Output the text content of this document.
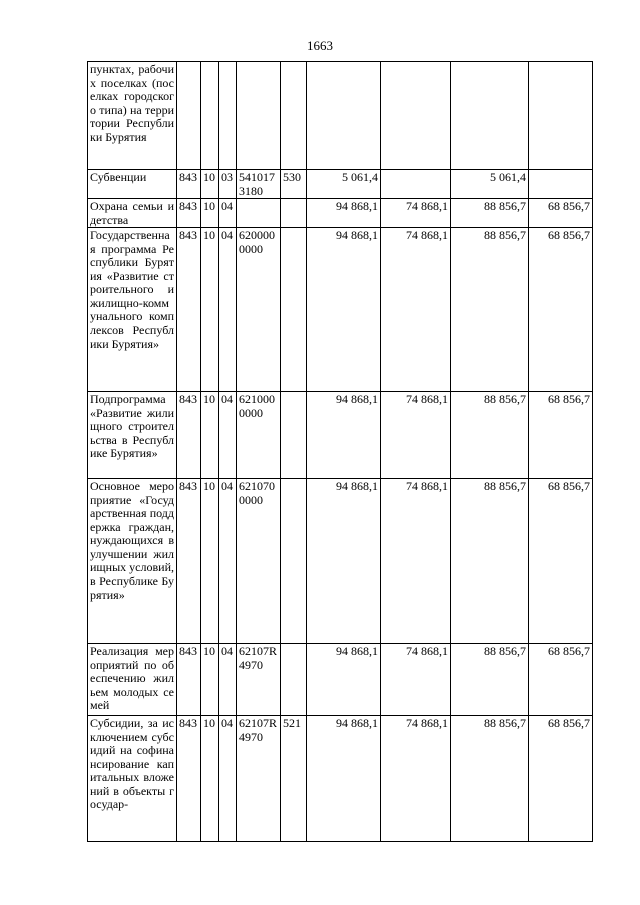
1663
пунктах, рабочих поселках (поселках городского типа) на территории Республики Бурятия									
Субвенции	843	10	03	5410173180	530	5 061,4		5 061,4	
Охрана семьи и детства	843	10	04			94 868,1	74 868,1	88 856,7	68 856,7
Государственная программа Республики Бурятия «Развитие строительного и жилищно-коммунального комплексов Республики Бурятия»	843	10	04	6200000000		94 868,1	74 868,1	88 856,7	68 856,7
Подпрограмма «Развитие жилищного строительства в Республике Бурятия»	843	10	04	6210000000		94 868,1	74 868,1	88 856,7	68 856,7
Основное мероприятие «Государственная поддержка граждан, нуждающихся в улучшении жилищных условий, в Республике Бурятия»	843	10	04	6210700000		94 868,1	74 868,1	88 856,7	68 856,7
Реализация мероприятий по обеспечению жильем молодых семей	843	10	04	62107R4970		94 868,1	74 868,1	88 856,7	68 856,7
Субсидии, за исключением субсидий на софинансирование капитальных вложений в объекты государ-	843	10	04	62107R4970	521	94 868,1	74 868,1	88 856,7	68 856,7
